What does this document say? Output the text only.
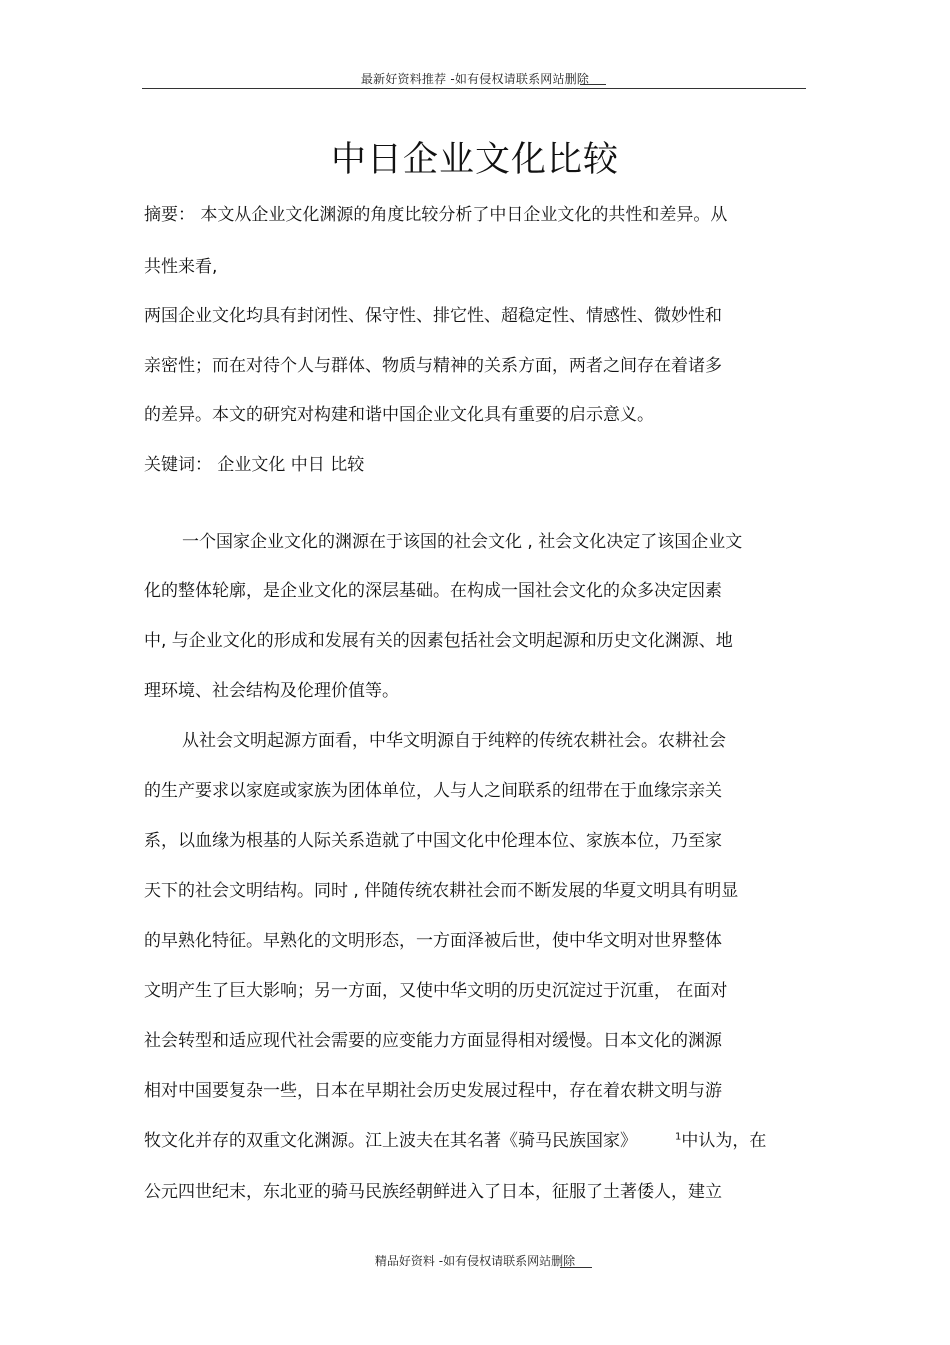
最新好资料推荐 -如有侵权请联系网站删除
中日企业文化比较
摘要： 本文从企业文化渊源的角度比较分析了中日企业文化的共性和差异。从
共性来看,
两国企业文化均具有封闭性、保守性、排它性、超稳定性、情感性、微妙性和
亲密性；而在对待个人与群体、物质与精神的关系方面，两者之间存在着诸多
的差异。本文的研究对构建和谐中国企业文化具有重要的启示意义。
关键词： 企业文化 中日 比较
一个国家企业文化的渊源在于该国的社会文化 , 社会文化决定了该国企业文
化的整体轮廓，是企业文化的深层基础。在构成一国社会文化的众多决定因素
中, 与企业文化的形成和发展有关的因素包括社会文明起源和历史文化渊源、地
理环境、社会结构及伦理价值等。
从社会文明起源方面看，中华文明源自于纯粹的传统农耕社会。农耕社会
的生产要求以家庭或家族为团体单位，人与人之间联系的纽带在于血缘宗亲关
系，以血缘为根基的人际关系造就了中国文化中伦理本位、家族本位，乃至家
天下的社会文明结构。同时 , 伴随传统农耕社会而不断发展的华夏文明具有明显
的早熟化特征。早熟化的文明形态，一方面泽被后世，使中华文明对世界整体
文明产生了巨大影响；另一方面，又使中华文明的历史沉淀过于沉重， 在面对
社会转型和适应现代社会需要的应变能力方面显得相对缓慢。日本文化的渊源
相对中国要复杂一些，日本在早期社会历史发展过程中，存在着农耕文明与游
牧文化并存的双重文化渊源。江上波夫在其名著《骑马民族国家》	$^1$中认为，在
公元四世纪末，东北亚的骑马民族经朝鲜进入了日本，征服了土著倭人，建立
精品好资料 -如有侵权请联系网站删除
